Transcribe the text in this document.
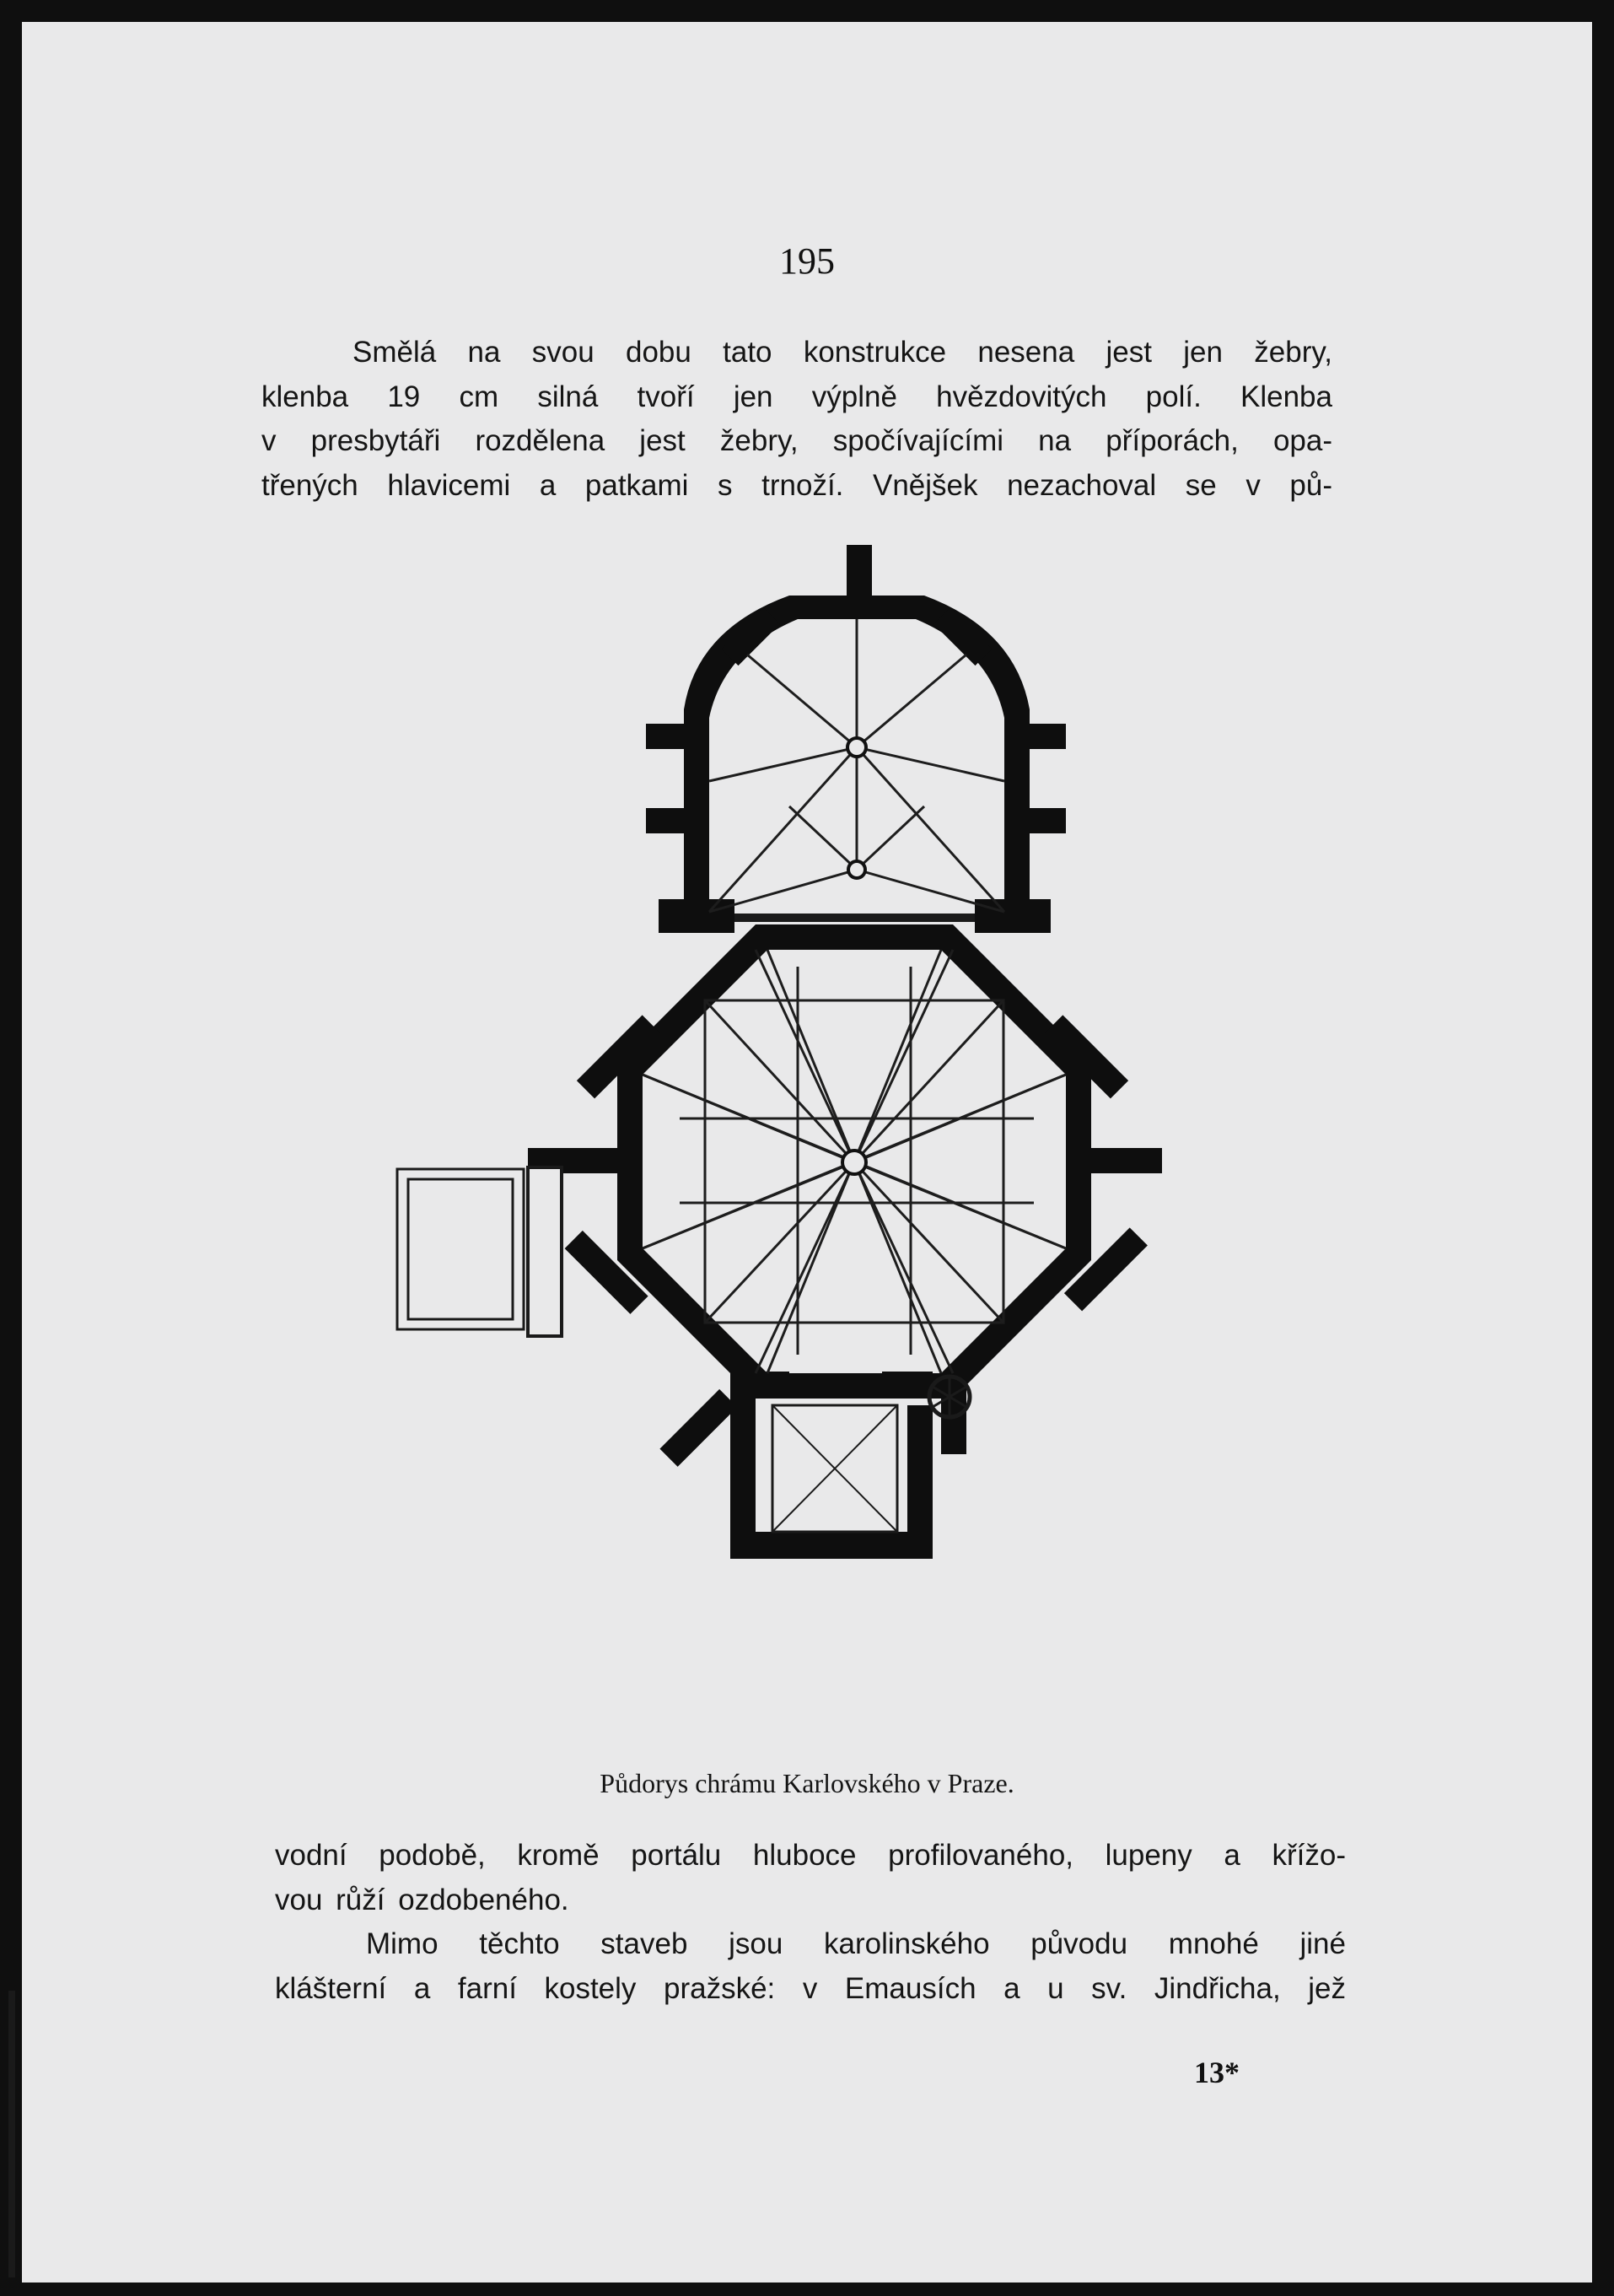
195
Smělá na svou dobu tato konstrukce nesena jest jen žebry,
klenba 19 cm silná tvoří jen výplně hvězdovitých polí. Klenba
v presbytáři rozdělena jest žebry, spočívajícími na příporách, opa-
třených hlavicemi a patkami s trnoží. Vnějšek nezachoval se v pů-
Půdorys chrámu Karlovského v Praze.
vodní podobě, kromě portálu hluboce profilovaného, lupeny a křížo-
vou růží ozdobeného.
Mimo těchto staveb jsou karolinského původu mnohé jiné
klášterní a farní kostely pražské: v Emausích a u sv. Jindřicha, jež
13*
